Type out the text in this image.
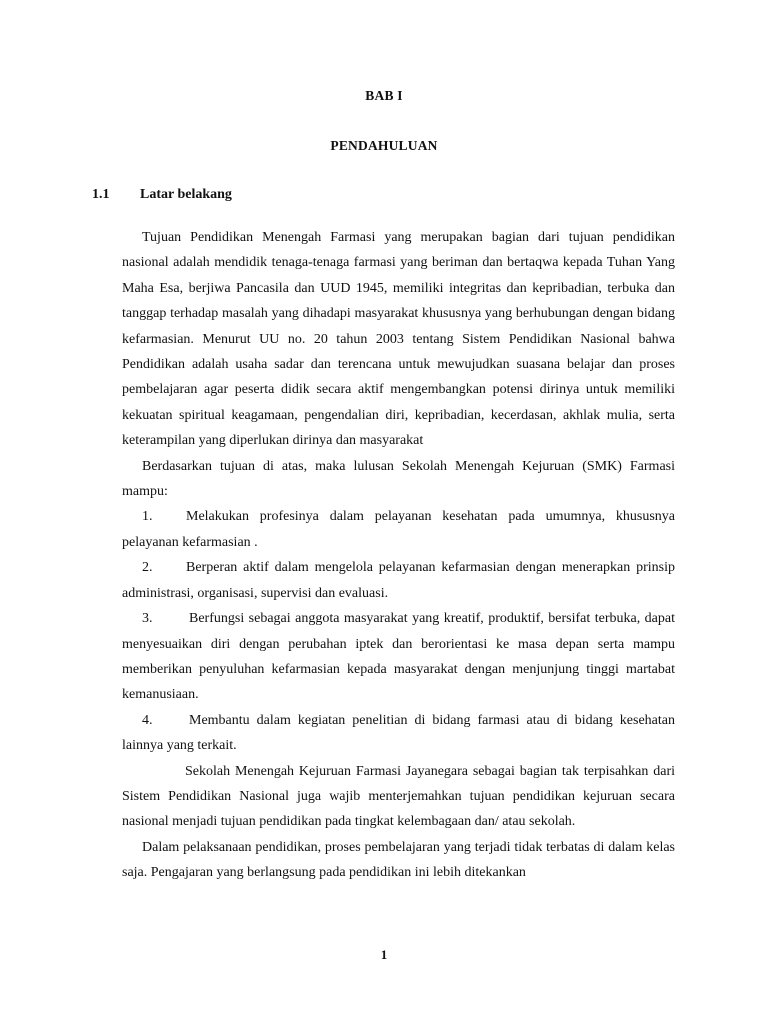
BAB I
PENDAHULUAN
1.1 Latar belakang

Tujuan Pendidikan Menengah Farmasi yang merupakan bagian dari tujuan pendidikan nasional adalah mendidik tenaga-tenaga farmasi yang beriman dan bertaqwa kepada Tuhan Yang Maha Esa, berjiwa Pancasila dan UUD 1945, memiliki integritas dan kepribadian, terbuka dan tanggap terhadap masalah yang dihadapi masyarakat khususnya yang berhubungan dengan bidang kefarmasian. Menurut UU no. 20 tahun 2003 tentang Sistem Pendidikan Nasional bahwa Pendidikan adalah usaha sadar dan terencana untuk mewujudkan suasana belajar dan proses pembelajaran agar peserta didik secara aktif mengembangkan potensi dirinya untuk memiliki kekuatan spiritual keagamaan, pengendalian diri, kepribadian, kecerdasan, akhlak mulia, serta keterampilan yang diperlukan dirinya dan masyarakat

Berdasarkan tujuan di atas, maka lulusan Sekolah Menengah Kejuruan (SMK) Farmasi mampu:

1. Melakukan profesinya dalam pelayanan kesehatan pada umumnya, khususnya pelayanan kefarmasian .

2. Berperan aktif dalam mengelola pelayanan kefarmasian dengan menerapkan prinsip administrasi, organisasi, supervisi dan evaluasi.

3.	Berfungsi sebagai anggota masyarakat yang kreatif, produktif, bersifat terbuka, dapat menyesuaikan diri dengan perubahan iptek dan berorientasi ke masa depan serta mampu memberikan penyuluhan kefarmasian kepada masyarakat dengan menjunjung tinggi martabat kemanusiaan.

4.	Membantu dalam kegiatan penelitian di bidang farmasi atau di bidang kesehatan lainnya yang terkait.

Sekolah Menengah Kejuruan Farmasi Jayanegara sebagai bagian tak terpisahkan dari Sistem Pendidikan Nasional juga wajib menterjemahkan tujuan pendidikan kejuruan secara nasional menjadi tujuan pendidikan pada tingkat kelembagaan dan/ atau sekolah.

Dalam pelaksanaan pendidikan, proses pembelajaran yang terjadi tidak terbatas di dalam kelas saja. Pengajaran yang berlangsung pada pendidikan ini lebih ditekankan

1
